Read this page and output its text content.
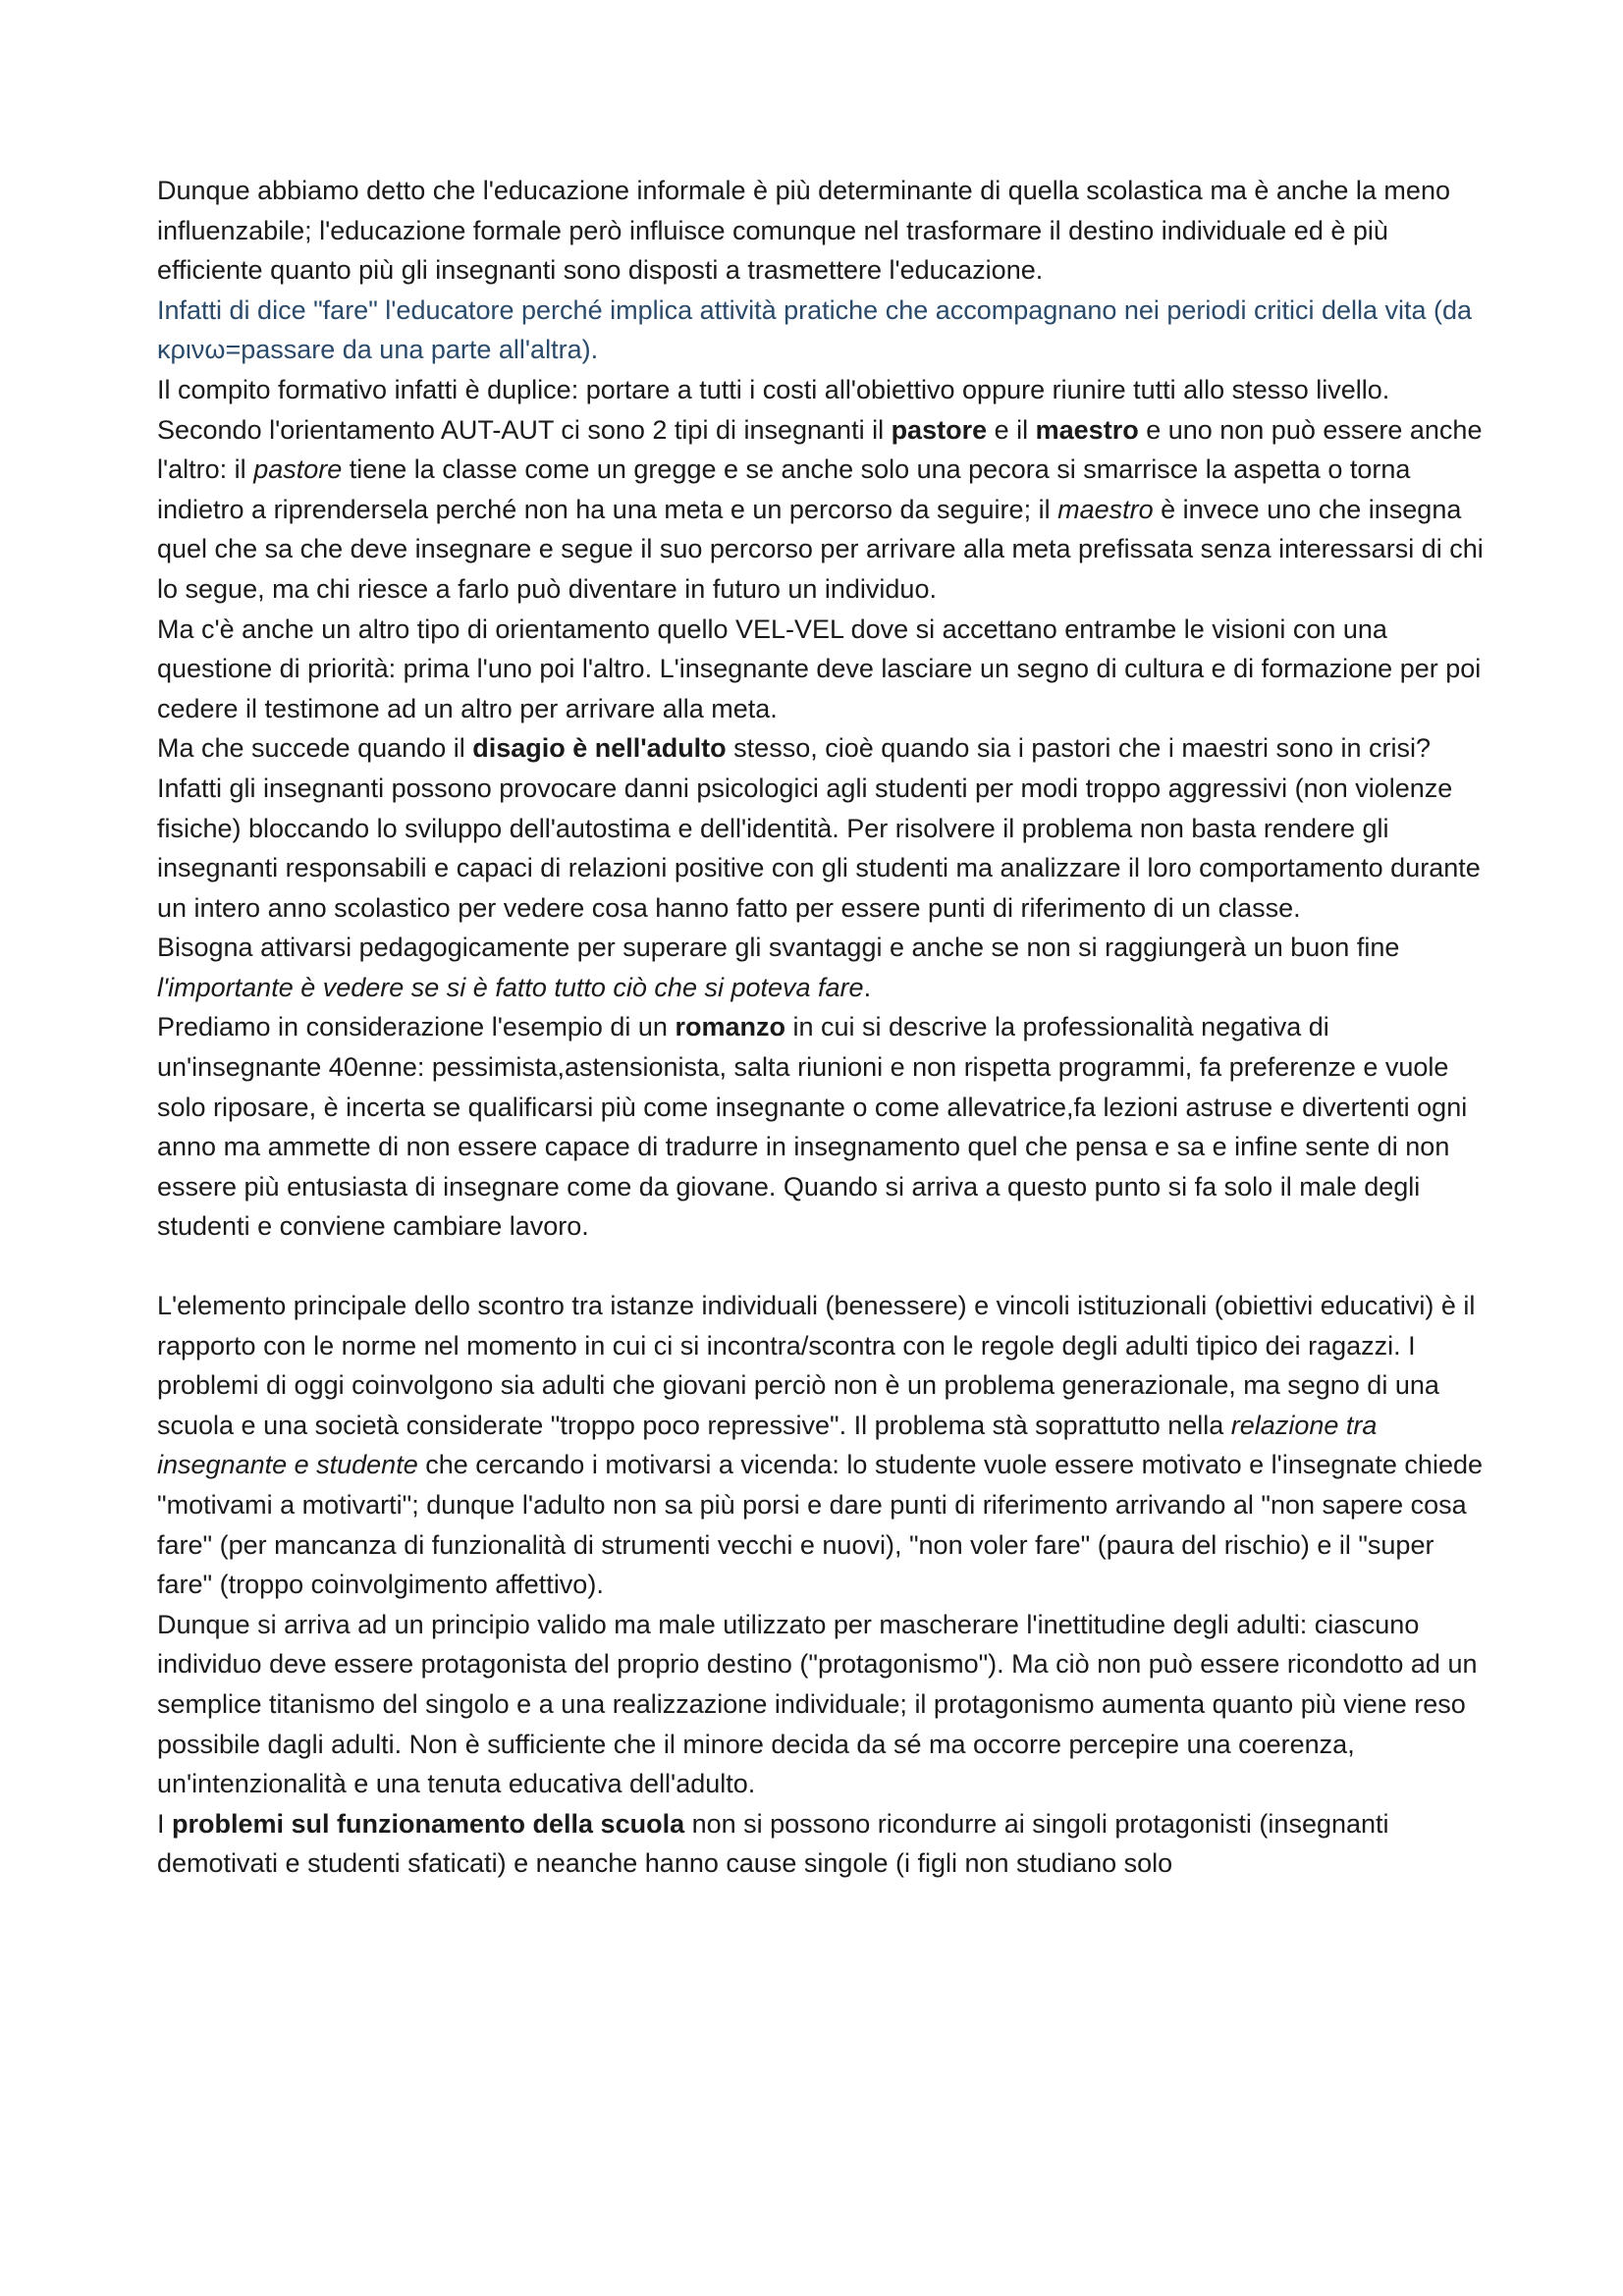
Dunque abbiamo detto che l'educazione informale è più determinante di quella scolastica ma è anche la meno influenzabile; l'educazione formale però influisce comunque nel trasformare il destino individuale ed è più efficiente quanto più gli insegnanti sono disposti a trasmettere l'educazione.

Infatti di dice "fare" l'educatore perché implica attività pratiche che accompagnano nei periodi critici della vita (da κρινω=passare da una parte all'altra).

Il compito formativo infatti è duplice: portare a tutti i costi all'obiettivo oppure riunire tutti allo stesso livello. Secondo l'orientamento AUT-AUT ci sono 2 tipi di insegnanti il pastore e il maestro e uno non può essere anche l'altro: il pastore tiene la classe come un gregge e se anche solo una pecora si smarrisce la aspetta o torna indietro a riprendersela perché non ha una meta e un percorso da seguire; il maestro è invece uno che insegna quel che sa che deve insegnare e segue il suo percorso per arrivare alla meta prefissata senza interessarsi di chi lo segue, ma chi riesce a farlo può diventare in futuro un individuo.

Ma c'è anche un altro tipo di orientamento quello VEL-VEL dove si accettano entrambe le visioni con una questione di priorità: prima l'uno poi l'altro. L'insegnante deve lasciare un segno di cultura e di formazione per poi cedere il testimone ad un altro per arrivare alla meta.

Ma che succede quando il disagio è nell'adulto stesso, cioè quando sia i pastori che i maestri sono in crisi?

Infatti gli insegnanti possono provocare danni psicologici agli studenti per modi troppo aggressivi (non violenze fisiche) bloccando lo sviluppo dell'autostima e dell'identità. Per risolvere il problema non basta rendere gli insegnanti responsabili e capaci di relazioni positive con gli studenti ma analizzare il loro comportamento durante un intero anno scolastico per vedere cosa hanno fatto per essere punti di riferimento di un classe.

Bisogna attivarsi pedagogicamente per superare gli svantaggi e anche se non si raggiungerà un buon fine l'importante è vedere se si è fatto tutto ciò che si poteva fare.

Prediamo in considerazione l'esempio di un romanzo in cui si descrive la professionalità negativa di un'insegnante 40enne: pessimista,astensionista, salta riunioni e non rispetta programmi, fa preferenze e vuole solo riposare, è incerta se qualificarsi più come insegnante o come allevatrice,fa lezioni astruse e divertenti ogni anno ma ammette di non essere capace di tradurre in insegnamento quel che pensa e sa e infine sente di non essere più entusiasta di insegnare come da giovane. Quando si arriva a questo punto si fa solo il male degli studenti e conviene cambiare lavoro.

L'elemento principale dello scontro tra istanze individuali (benessere) e vincoli istituzionali (obiettivi educativi) è il rapporto con le norme nel momento in cui ci si incontra/scontra con le regole degli adulti tipico dei ragazzi. I problemi di oggi coinvolgono sia adulti che giovani perciò non è un problema generazionale, ma segno di una scuola e una società considerate "troppo poco repressive". Il problema stà soprattutto nella relazione tra insegnante e studente che cercando i motivarsi a vicenda: lo studente vuole essere motivato e l'insegnate chiede "motivami a motivarti"; dunque l'adulto non sa più porsi e dare punti di riferimento arrivando al "non sapere cosa fare" (per mancanza di funzionalità di strumenti vecchi e nuovi), "non voler fare" (paura del rischio) e il "super fare" (troppo coinvolgimento affettivo).

Dunque si arriva ad un principio valido ma male utilizzato per mascherare l'inettitudine degli adulti: ciascuno individuo deve essere protagonista del proprio destino ("protagonismo"). Ma ciò non può essere ricondotto ad un semplice titanismo del singolo e a una realizzazione individuale; il protagonismo aumenta quanto più viene reso possibile dagli adulti. Non è sufficiente che il minore decida da sé ma occorre percepire una coerenza, un'intenzionalità e una tenuta educativa dell'adulto.

I problemi sul funzionamento della scuola non si possono ricondurre ai singoli protagonisti (insegnanti demotivati e studenti sfaticati) e neanche hanno cause singole (i figli non studiano solo
